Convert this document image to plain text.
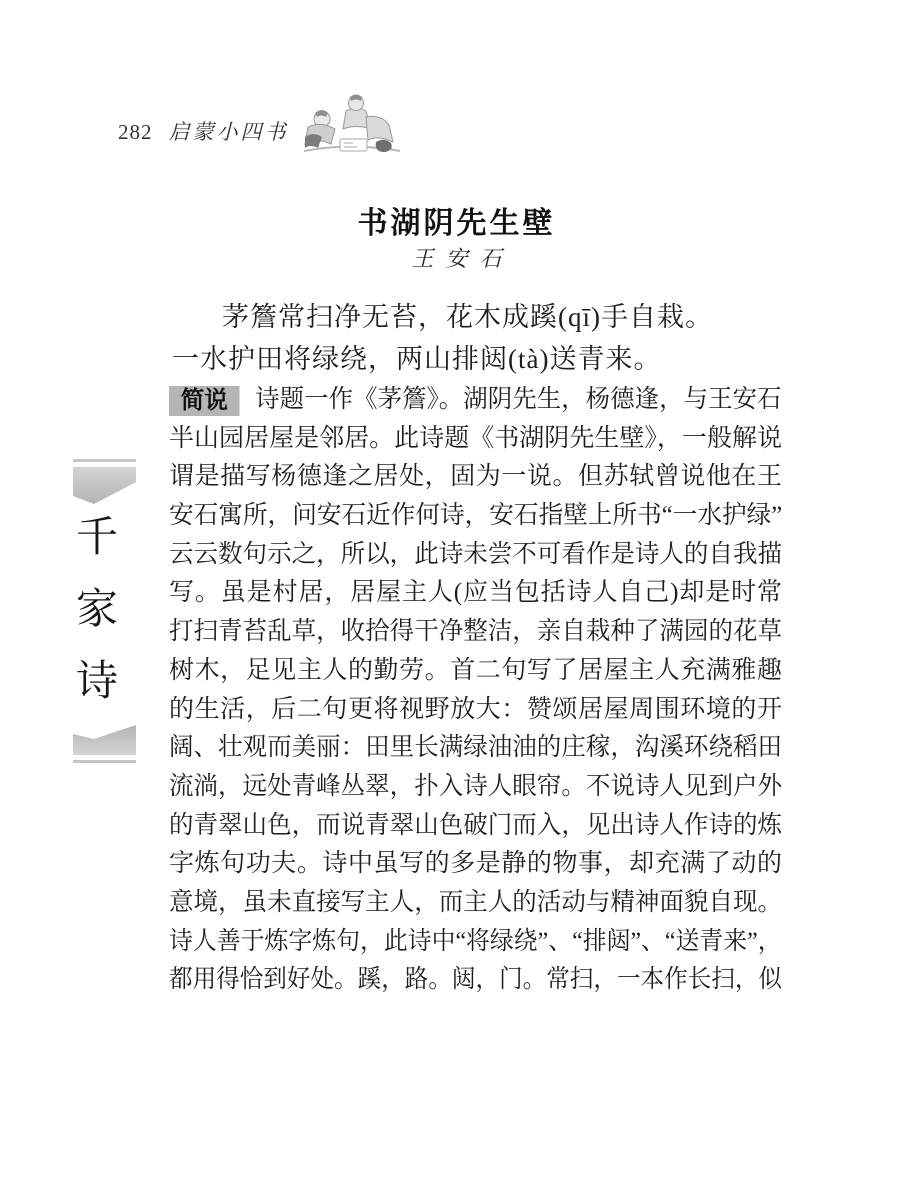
282 启蒙小四书
书湖阴先生壁
王安石
茅簷常扫净无苔，花木成蹊(qī)手自栽。
一水护田将绿绕，两山排闼(tà)送青来。
简说 诗题一作《茅簷》。湖阴先生，杨德逢，与王安石
半山园居屋是邻居。此诗题《书湖阴先生壁》，一般解说
谓是描写杨德逢之居处，固为一说。但苏轼曾说他在王
安石寓所，问安石近作何诗，安石指壁上所书“一水护绿”
云云数句示之，所以，此诗未尝不可看作是诗人的自我描
写。虽是村居，居屋主人(应当包括诗人自己)却是时常
打扫青苔乱草，收拾得干净整洁，亲自栽种了满园的花草
树木，足见主人的勤劳。首二句写了居屋主人充满雅趣
的生活，后二句更将视野放大：赞颂居屋周围环境的开
阔、壮观而美丽：田里长满绿油油的庄稼，沟溪环绕稻田
流淌，远处青峰丛翠，扑入诗人眼帘。不说诗人见到户外
的青翠山色，而说青翠山色破门而入，见出诗人作诗的炼
字炼句功夫。诗中虽写的多是静的物事，却充满了动的
意境，虽未直接写主人，而主人的活动与精神面貌自现。
诗人善于炼字炼句，此诗中“将绿绕”、“排闼”、“送青来”，
都用得恰到好处。蹊，路。闼，门。常扫，一本作长扫，似
千家诗
